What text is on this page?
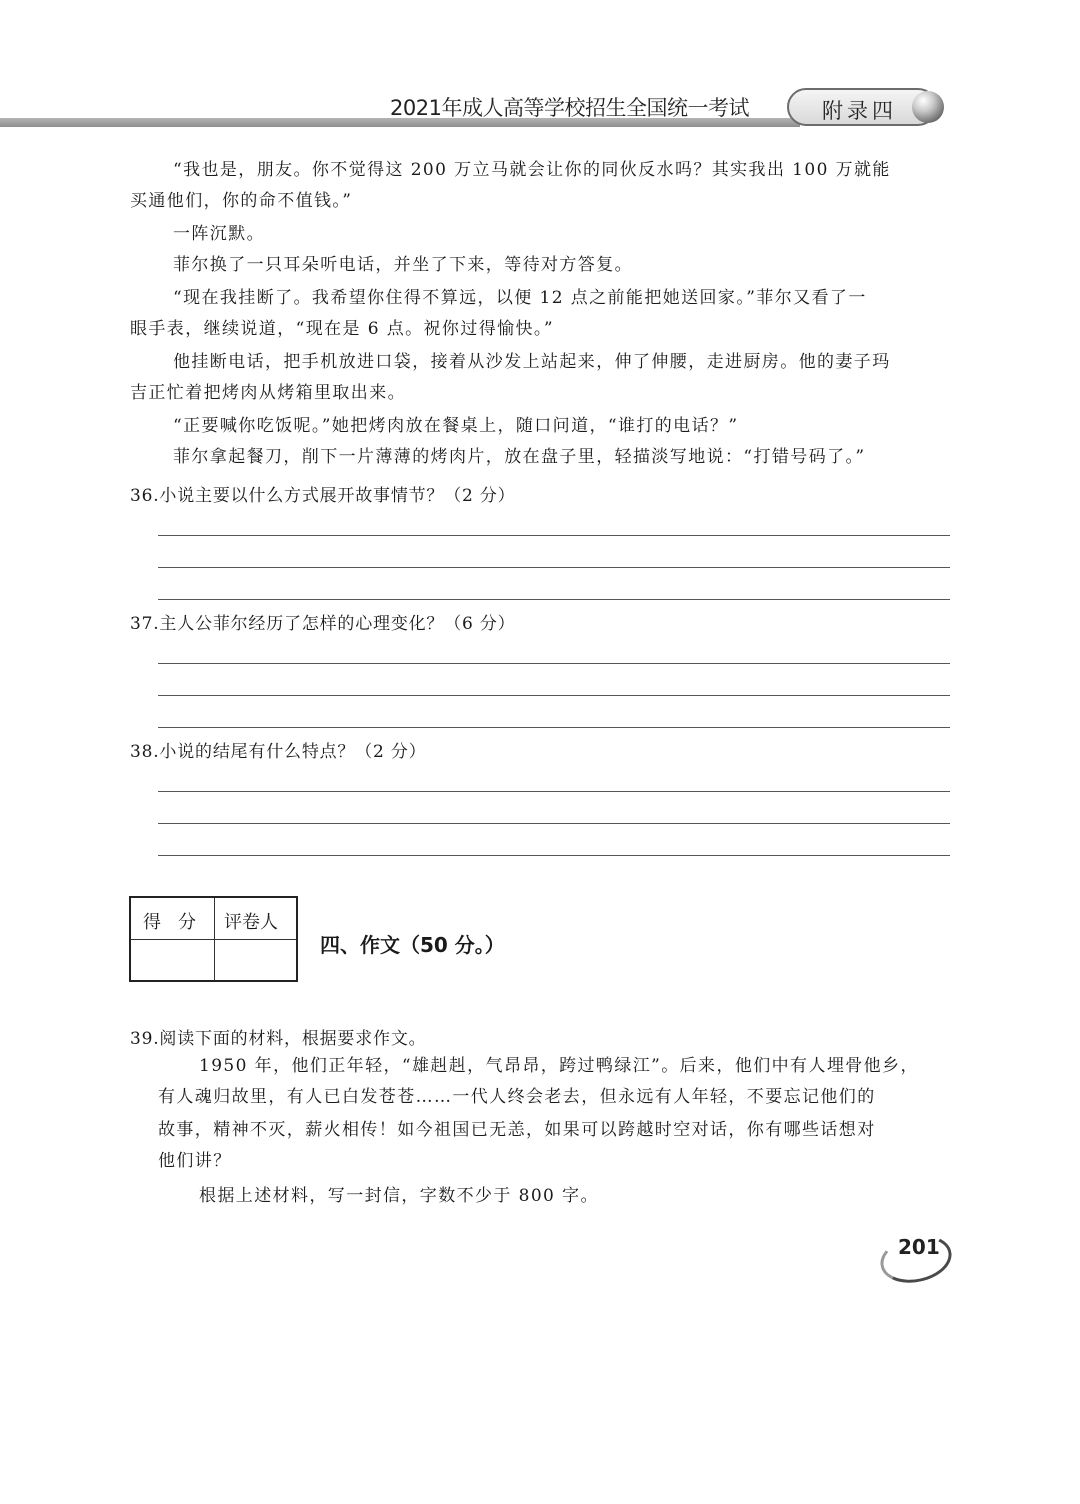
2021年成人高等学校招生全国统一考试	附录四
“我也是，朋友。你不觉得这 200 万立马就会让你的同伙反水吗？其实我出 100 万就能
买通他们，你的命不值钱。”
一阵沉默。
菲尔换了一只耳朵听电话，并坐了下来，等待对方答复。
“现在我挂断了。我希望你住得不算远，以便 12 点之前能把她送回家。”菲尔又看了一
眼手表，继续说道，“现在是 6 点。祝你过得愉快。”
他挂断电话，把手机放进口袋，接着从沙发上站起来，伸了伸腰，走进厨房。他的妻子玛
吉正忙着把烤肉从烤箱里取出来。
“正要喊你吃饭呢。”她把烤肉放在餐桌上，随口问道，“谁打的电话？”
菲尔拿起餐刀，削下一片薄薄的烤肉片，放在盘子里，轻描淡写地说：“打错号码了。”
36.小说主要以什么方式展开故事情节？（2 分）
37.主人公菲尔经历了怎样的心理变化？（6 分）
38.小说的结尾有什么特点？（2 分）
得分 评卷人
四、作文（50 分。）
39.阅读下面的材料，根据要求作文。
1950 年，他们正年轻，“雄赳赳，气昂昂，跨过鸭绿江”。后来，他们中有人埋骨他乡，
有人魂归故里，有人已白发苍苍……一代人终会老去，但永远有人年轻，不要忘记他们的
故事，精神不灭，薪火相传！如今祖国已无恙，如果可以跨越时空对话，你有哪些话想对
他们讲？
根据上述材料，写一封信，字数不少于 800 字。
201
